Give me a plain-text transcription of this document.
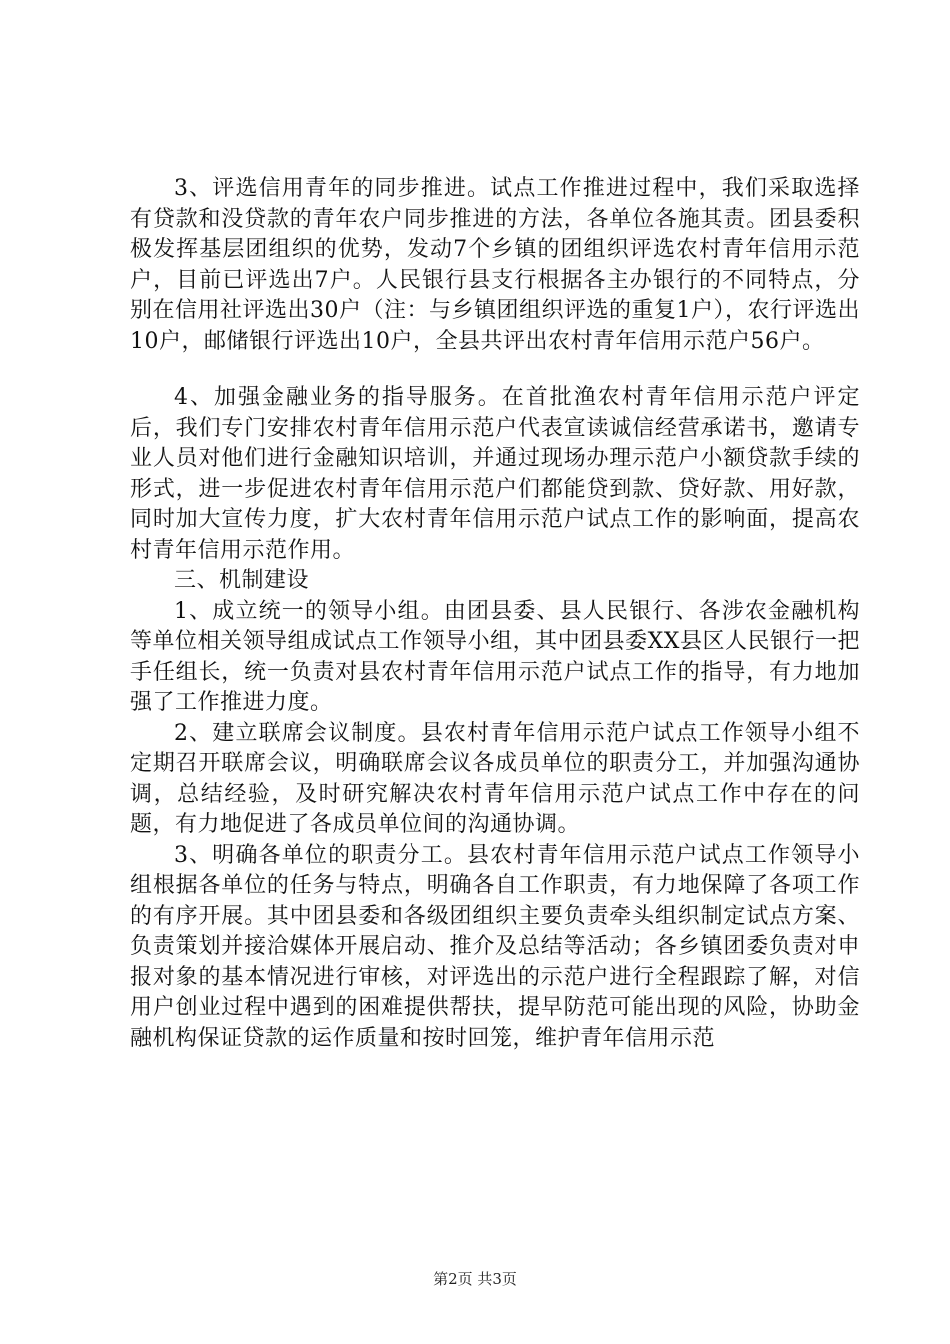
3、评选信用青年的同步推进。试点工作推进过程中，我们采取选择有贷款和没贷款的青年农户同步推进的方法，各单位各施其责。团县委积极发挥基层团组织的优势，发动7个乡镇的团组织评选农村青年信用示范户，目前已评选出7户。人民银行县支行根据各主办银行的不同特点，分别在信用社评选出30户（注：与乡镇团组织评选的重复1户），农行评选出10户，邮储银行评选出10户，全县共评出农村青年信用示范户56户。

4、加强金融业务的指导服务。在首批渔农村青年信用示范户评定后，我们专门安排农村青年信用示范户代表宣读诚信经营承诺书，邀请专业人员对他们进行金融知识培训，并通过现场办理示范户小额贷款手续的形式，进一步促进农村青年信用示范户们都能贷到款、贷好款、用好款，同时加大宣传力度，扩大农村青年信用示范户试点工作的影响面，提高农村青年信用示范作用。

三、机制建设

1、成立统一的领导小组。由团县委、县人民银行、各涉农金融机构等单位相关领导组成试点工作领导小组，其中团县委XX县区人民银行一把手任组长，统一负责对县农村青年信用示范户试点工作的指导，有力地加强了工作推进力度。

2、建立联席会议制度。县农村青年信用示范户试点工作领导小组不定期召开联席会议，明确联席会议各成员单位的职责分工，并加强沟通协调，总结经验，及时研究解决农村青年信用示范户试点工作中存在的问题，有力地促进了各成员单位间的沟通协调。

3、明确各单位的职责分工。县农村青年信用示范户试点工作领导小组根据各单位的任务与特点，明确各自工作职责，有力地保障了各项工作的有序开展。其中团县委和各级团组织主要负责牵头组织制定试点方案、负责策划并接洽媒体开展启动、推介及总结等活动；各乡镇团委负责对申报对象的基本情况进行审核，对评选出的示范户进行全程跟踪了解，对信用户创业过程中遇到的困难提供帮扶，提早防范可能出现的风险，协助金融机构保证贷款的运作质量和按时回笼，维护青年信用示范

第2页 共3页
